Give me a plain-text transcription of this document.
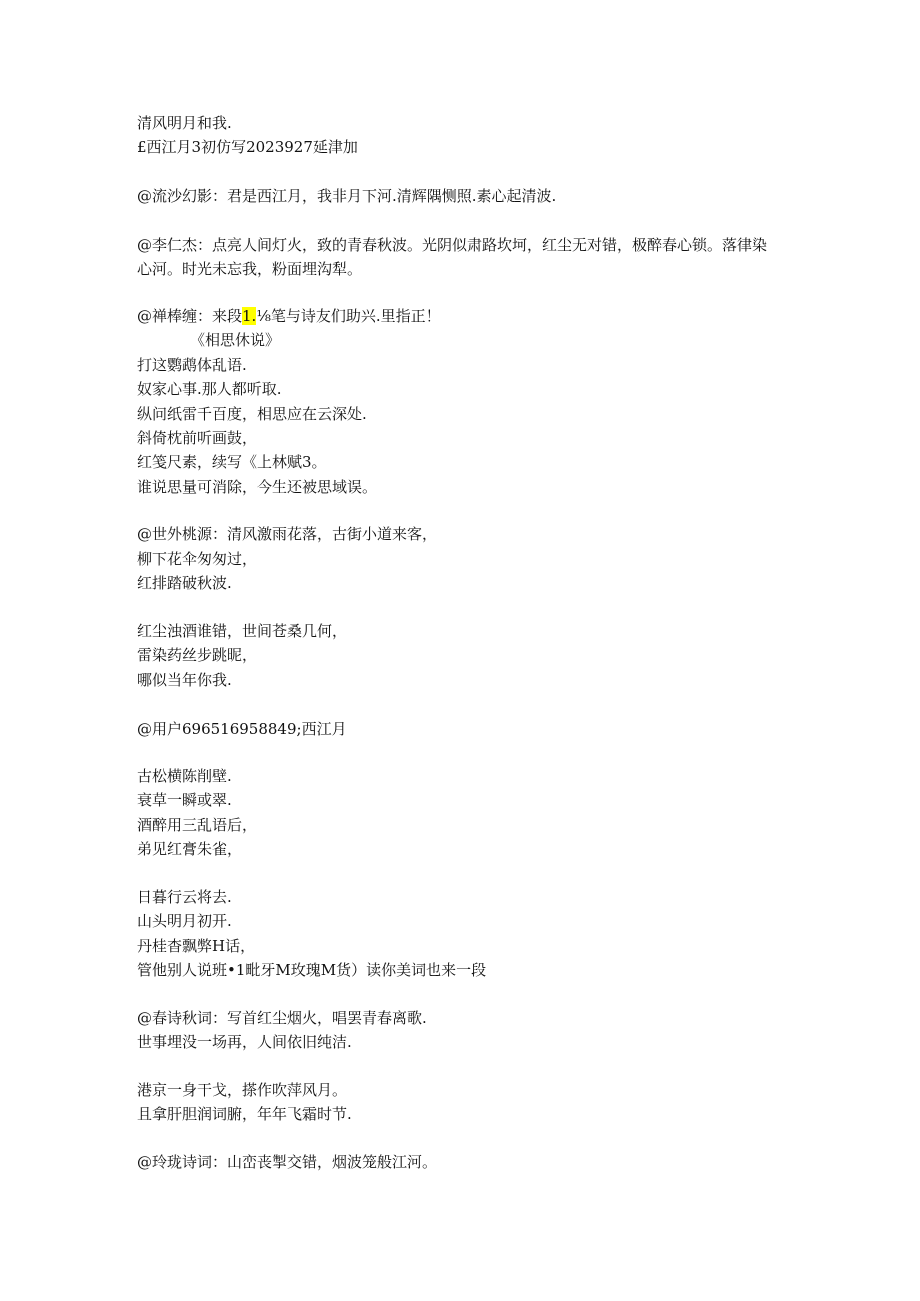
清风明月和我.
£西江月3初仿写2023927延津加
@流沙幻影：君是西江月，我非月下河.清辉隅恻照.素心起清波.
@李仁杰：点亮人间灯火，致的青春秋波。光阴似肃路坎坷，红尘无对错，极醉春心锁。落律染
心河。时光未忘我，粉面埋沟犁。
@禅棒缠：来段1.⅛笔与诗友们助兴.里指正！
《相思休说》
打这鹦鹉体乱语.
奴家心事.那人都听取.
纵问纸雷千百度，相思应在云深处.
斜倚枕前听画鼓，
红笺尺素，续写《上林赋3。
谁说思量可消除，今生还被思域误。
@世外桃源：清风激雨花落，古街小道来客，
柳下花伞匆匆过，
红排踏破秋波.
红尘浊酒谁错，世间苍桑几何，
雷染药丝步跳昵，
哪似当年你我.
@用户696516958849;西江月
古松横陈削壁.
衰草一瞬或翠.
酒醉用三乱语后，
弟见红膏朱雀，
日暮行云将去.
山头明月初开.
丹桂杳飘弊H话，
管他别人说班•1毗牙M玫瑰M货）读你美词也来一段
@春诗秋词：写首红尘烟火，唱罢青春离歌.
世事埋没一场再，人间依旧纯洁.
港京一身干戈，搽作吹萍风月。
且拿肝胆润词腑，年年飞霜时节.
@玲珑诗词：山峦丧掣交错，烟波笼般江河。
